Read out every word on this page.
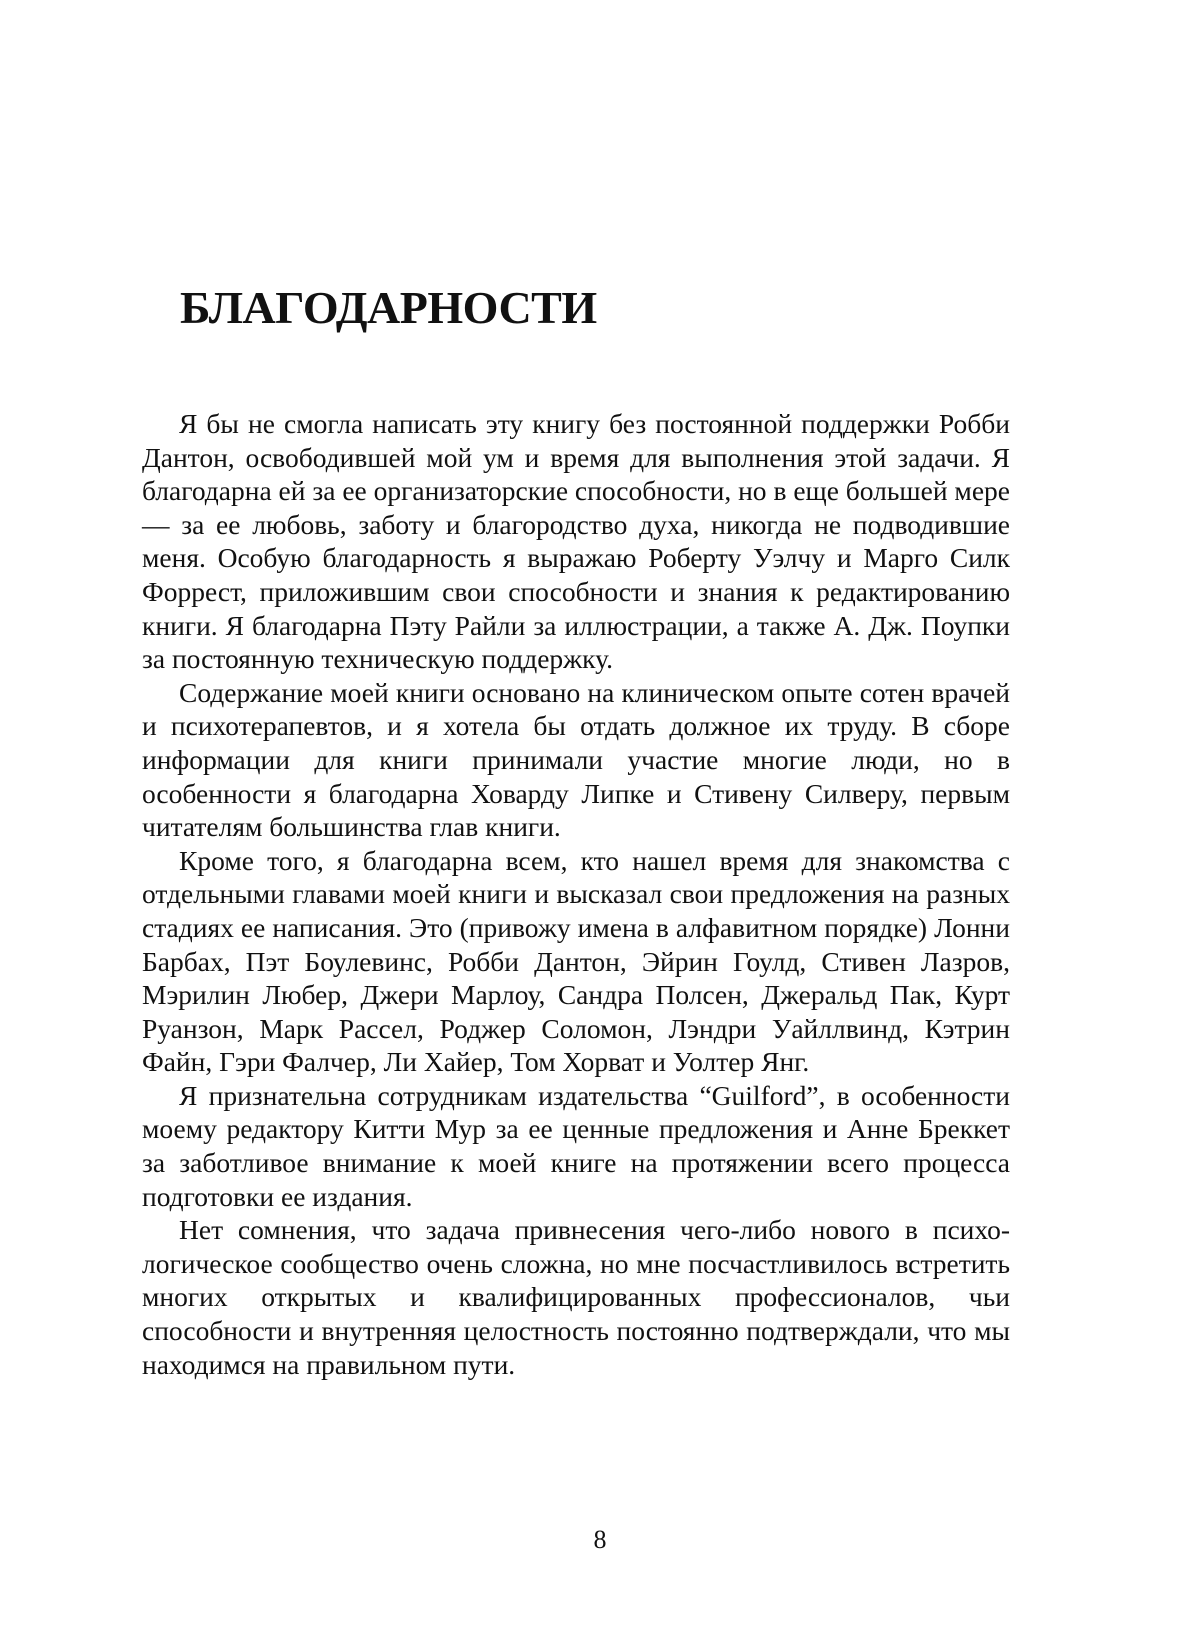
БЛАГОДАРНОСТИ

Я бы не смогла написать эту книгу без постоянной поддержки Робби Дантон, освободившей мой ум и время для выполнения этой задачи. Я благодарна ей за ее организаторские способности, но в еще большей мере — за ее любовь, заботу и благородство духа, никогда не подводившие меня. Особую благодарность я выражаю Роберту Уэлчу и Марго Силк Форрест, приложившим свои способности и знания к редактированию книги. Я благодарна Пэту Райли за иллюстрации, а также А. Дж. Поупки за постоянную техническую поддержку.

Содержание моей книги основано на клиническом опыте сотен врачей и психотерапевтов, и я хотела бы отдать должное их труду. В сборе информации для книги принимали участие многие люди, но в особенности я благодарна Ховарду Липке и Стивену Силверу, первым читателям большинства глав книги.

Кроме того, я благодарна всем, кто нашел время для знакомства с отдельными главами моей книги и высказал свои предложения на разных стадиях ее написания. Это (привожу имена в алфавитном порядке) Лонни Барбах, Пэт Боулевинс, Робби Дантон, Эйрин Гоулд, Стивен Лазров, Мэрилин Любер, Джери Марлоу, Сандра Полсен, Джеральд Пак, Курт Руанзон, Марк Рассел, Роджер Соломон, Лэндри Уайллвинд, Кэтрин Файн, Гэри Фалчер, Ли Хайер, Том Хорват и Уолтер Янг.

Я признательна сотрудникам издательства “Guilford”, в особенности моему редактору Китти Мур за ее ценные предложения и Анне Бреккет за заботливое внимание к моей книге на протяжении всего процесса подготовки ее издания.

Нет сомнения, что задача привнесения чего-либо нового в психологическое сообщество очень сложна, но мне посчастливилось встретить многих открытых и квалифицированных профессионалов, чьи способности и внутренняя целостность постоянно подтверждали, что мы находимся на правильном пути.

8
